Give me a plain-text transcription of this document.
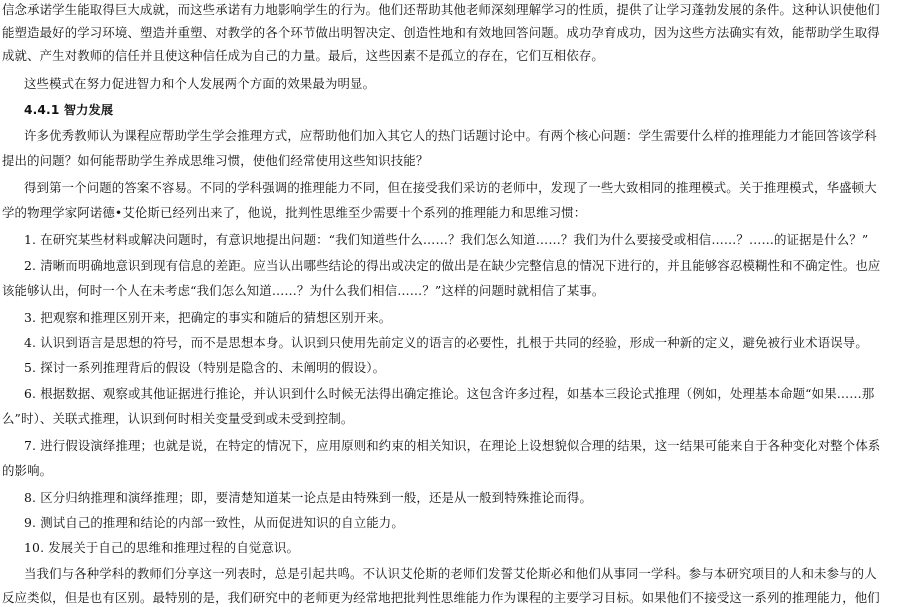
信念承诺学生能取得巨大成就，而这些承诺有力地影响学生的行为。他们还帮助其他老师深刻理解学习的性质，提供了让学习蓬勃发展的条件。这种认识使他们
能塑造最好的学习环境、塑造并重塑、对教学的各个环节做出明智决定、创造性地和有效地回答问题。成功孕育成功，因为这些方法确实有效，能帮助学生取得
成就、产生对教师的信任并且使这种信任成为自己的力量。最后，这些因素不是孤立的存在，它们互相依存。
这些模式在努力促进智力和个人发展两个方面的效果最为明显。
4.4.1 智力发展
许多优秀教师认为课程应帮助学生学会推理方式，应帮助他们加入其它人的热门话题讨论中。有两个核心问题：学生需要什么样的推理能力才能回答该学科
提出的问题？如何能帮助学生养成思维习惯，使他们经常使用这些知识技能？
得到第一个问题的答案不容易。不同的学科强调的推理能力不同，但在接受我们采访的老师中，发现了一些大致相同的推理模式。关于推理模式，华盛顿大
学的物理学家阿诺德•艾伦斯已经列出来了，他说，批判性思维至少需要十个系列的推理能力和思维习惯：
1. 在研究某些材料或解决问题时，有意识地提出问题：“我们知道些什么……？我们怎么知道……？我们为什么要接受或相信……？……的证据是什么？”
2. 清晰而明确地意识到现有信息的差距。应当认出哪些结论的得出或决定的做出是在缺少完整信息的情况下进行的，并且能够容忍模糊性和不确定性。也应
该能够认出，何时一个人在未考虑“我们怎么知道……？为什么我们相信……？”这样的问题时就相信了某事。
3. 把观察和推理区别开来，把确定的事实和随后的猜想区别开来。
4. 认识到语言是思想的符号，而不是思想本身。认识到只使用先前定义的语言的必要性，扎根于共同的经验，形成一种新的定义，避免被行业术语误导。
5. 探讨一系列推理背后的假设（特别是隐含的、未阐明的假设）。
6. 根据数据、观察或其他证据进行推论，并认识到什么时候无法得出确定推论。这包含许多过程，如基本三段论式推理（例如，处理基本命题“如果……那
么”时）、关联式推理，认识到何时相关变量受到或未受到控制。
7. 进行假设演绎推理；也就是说，在特定的情况下，应用原则和约束的相关知识，在理论上设想貌似合理的结果，这一结果可能来自于各种变化对整个体系
的影响。
8. 区分归纳推理和演绎推理；即，要清楚知道某一论点是由特殊到一般，还是从一般到特殊推论而得。
9. 测试自己的推理和结论的内部一致性，从而促进知识的自立能力。
10. 发展关于自己的思维和推理过程的自觉意识。
当我们与各种学科的教师们分享这一列表时，总是引起共鸣。不认识艾伦斯的老师们发誓艾伦斯必和他们从事同一学科。参与本研究项目的人和未参与的人
反应类似，但是也有区别。最特别的是，我们研究中的老师更为经常地把批判性思维能力作为课程的主要学习目标。如果他们不接受这一系列的推理能力，他们
